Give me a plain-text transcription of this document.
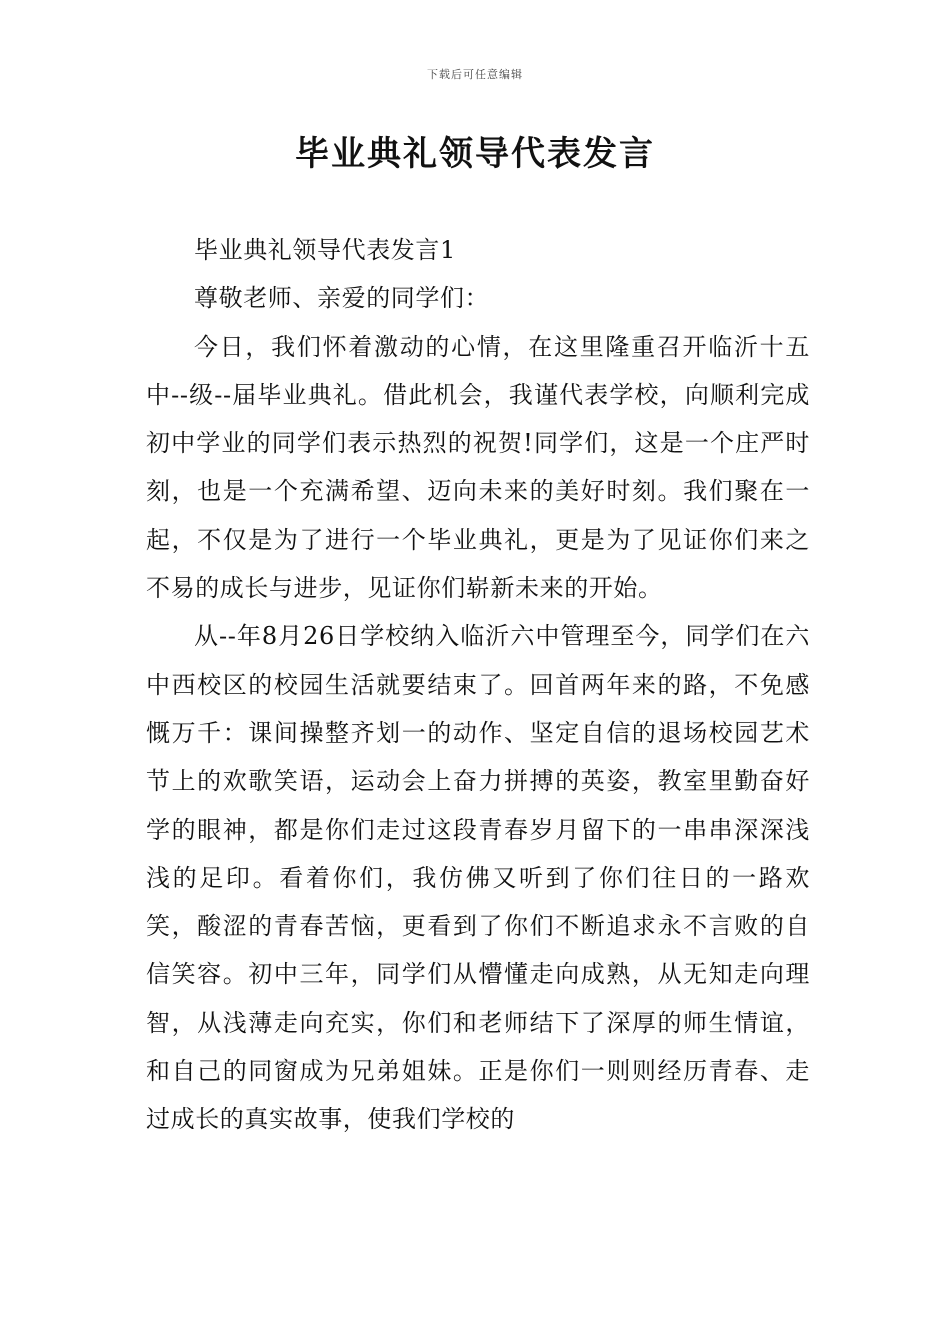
下载后可任意编辑
毕业典礼领导代表发言

毕业典礼领导代表发言1

尊敬老师、亲爱的同学们：

今日，我们怀着激动的心情，在这里隆重召开临沂十五中--级--届毕业典礼。借此机会，我谨代表学校，向顺利完成初中学业的同学们表示热烈的祝贺!同学们，这是一个庄严时刻，也是一个充满希望、迈向未来的美好时刻。我们聚在一起，不仅是为了进行一个毕业典礼，更是为了见证你们来之不易的成长与进步，见证你们崭新未来的开始。

从--年8月26日学校纳入临沂六中管理至今，同学们在六中西校区的校园生活就要结束了。回首两年来的路，不免感慨万千：课间操整齐划一的动作、坚定自信的退场校园艺术节上的欢歌笑语，运动会上奋力拼搏的英姿，教室里勤奋好学的眼神，都是你们走过这段青春岁月留下的一串串深深浅浅的足印。看着你们，我仿佛又听到了你们往日的一路欢笑，酸涩的青春苦恼，更看到了你们不断追求永不言败的自信笑容。初中三年，同学们从懵懂走向成熟，从无知走向理智，从浅薄走向充实，你们和老师结下了深厚的师生情谊，和自己的同窗成为兄弟姐妹。正是你们一则则经历青春、走过成长的真实故事，使我们学校的
